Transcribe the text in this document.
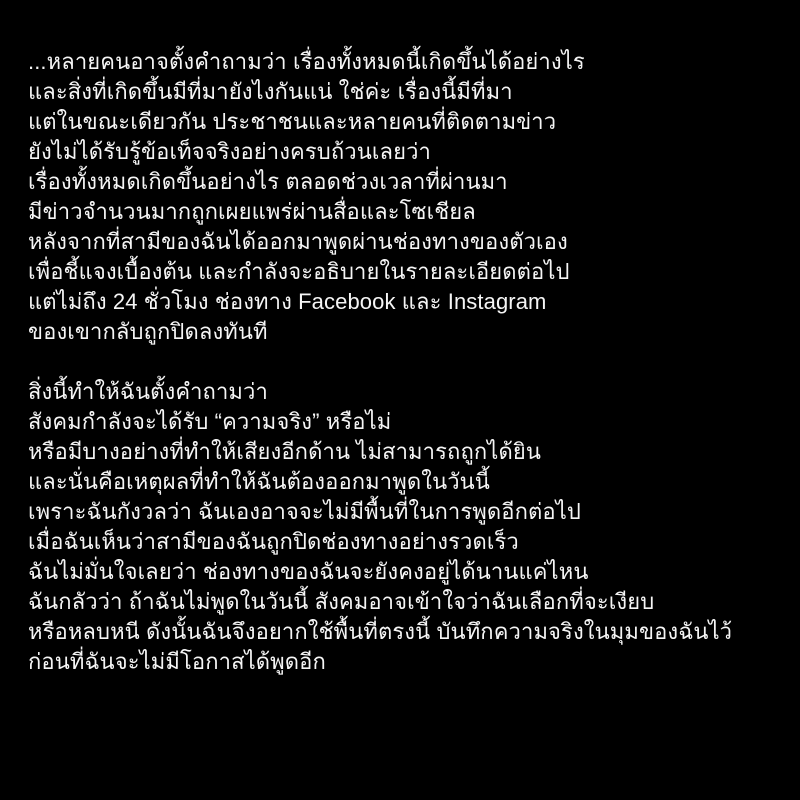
...หลายคนอาจตั้งคำถามว่า เรื่องทั้งหมดนี้เกิดขึ้นได้อย่างไร
และสิ่งที่เกิดขึ้นมีที่มายังไงกันแน่ ใช่ค่ะ เรื่องนี้มีที่มา
แต่ในขณะเดียวกัน ประชาชนและหลายคนที่ติดตามข่าว
ยังไม่ได้รับรู้ข้อเท็จจริงอย่างครบถ้วนเลยว่า
เรื่องทั้งหมดเกิดขึ้นอย่างไร ตลอดช่วงเวลาที่ผ่านมา
มีข่าวจำนวนมากถูกเผยแพร่ผ่านสื่อและโซเชียล
หลังจากที่สามีของฉันได้ออกมาพูดผ่านช่องทางของตัวเอง
เพื่อชี้แจงเบื้องต้น และกำลังจะอธิบายในรายละเอียดต่อไป
แต่ไม่ถึง 24 ชั่วโมง ช่องทาง Facebook และ Instagram
ของเขากลับถูกปิดลงทันที
สิ่งนี้ทำให้ฉันตั้งคำถามว่า
สังคมกำลังจะได้รับ “ความจริง” หรือไม่
หรือมีบางอย่างที่ทำให้เสียงอีกด้าน ไม่สามารถถูกได้ยิน
และนั่นคือเหตุผลที่ทำให้ฉันต้องออกมาพูดในวันนี้
เพราะฉันกังวลว่า ฉันเองอาจจะไม่มีพื้นที่ในการพูดอีกต่อไป
เมื่อฉันเห็นว่าสามีของฉันถูกปิดช่องทางอย่างรวดเร็ว
ฉันไม่มั่นใจเลยว่า ช่องทางของฉันจะยังคงอยู่ได้นานแค่ไหน
ฉันกลัวว่า ถ้าฉันไม่พูดในวันนี้ สังคมอาจเข้าใจว่าฉันเลือกที่จะเงียบ
หรือหลบหนี ดังนั้นฉันจึงอยากใช้พื้นที่ตรงนี้ บันทึกความจริงในมุมของฉันไว้
ก่อนที่ฉันจะไม่มีโอกาสได้พูดอีก
